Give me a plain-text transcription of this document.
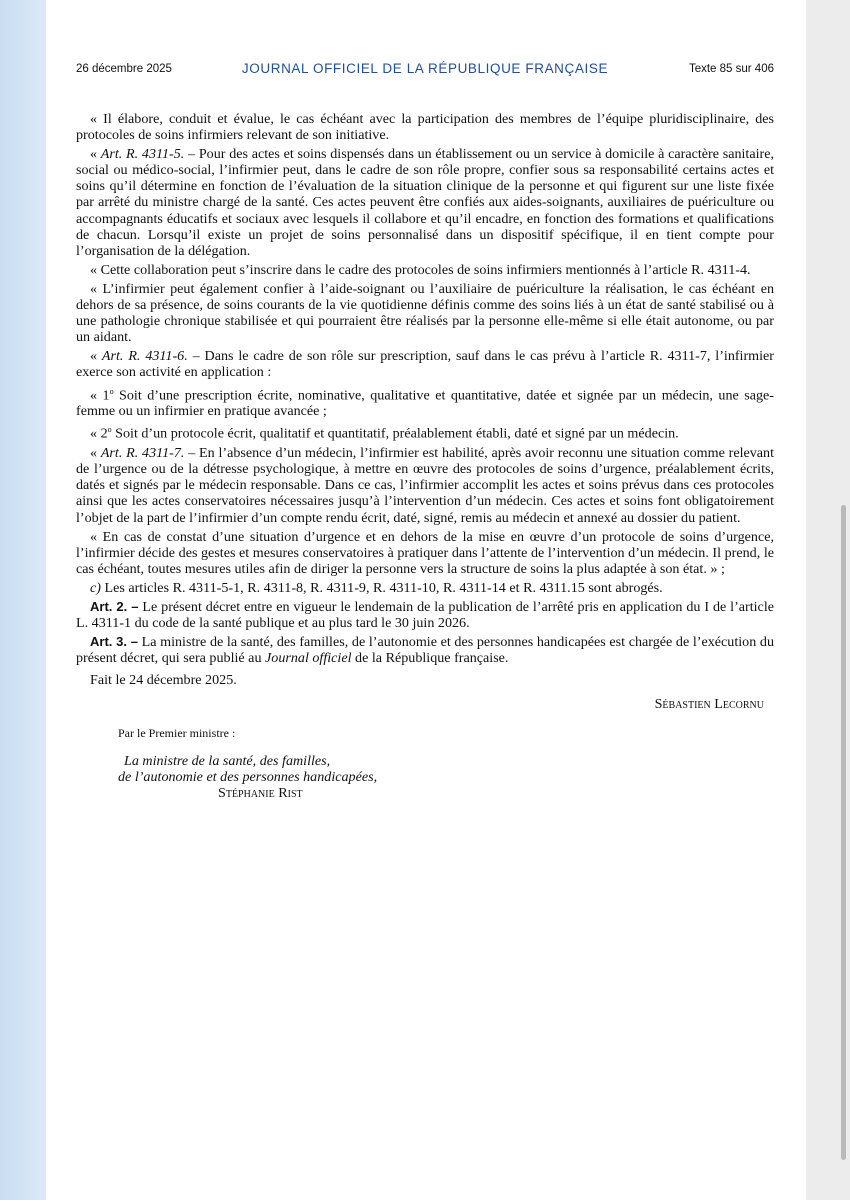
26 décembre 2025	JOURNAL OFFICIEL DE LA RÉPUBLIQUE FRANÇAISE	Texte 85 sur 406

« Il élabore, conduit et évalue, le cas échéant avec la participation des membres de l’équipe pluridisciplinaire, des protocoles de soins infirmiers relevant de son initiative.

« Art. R. 4311-5. – Pour des actes et soins dispensés dans un établissement ou un service à domicile à caractère sanitaire, social ou médico-social, l’infirmier peut, dans le cadre de son rôle propre, confier sous sa responsabilité certains actes et soins qu’il détermine en fonction de l’évaluation de la situation clinique de la personne et qui figurent sur une liste fixée par arrêté du ministre chargé de la santé. Ces actes peuvent être confiés aux aides-soignants, auxiliaires de puériculture ou accompagnants éducatifs et sociaux avec lesquels il collabore et qu’il encadre, en fonction des formations et qualifications de chacun. Lorsqu’il existe un projet de soins personnalisé dans un dispositif spécifique, il en tient compte pour l’organisation de la délégation.

« Cette collaboration peut s’inscrire dans le cadre des protocoles de soins infirmiers mentionnés à l’article R. 4311-4.

« L’infirmier peut également confier à l’aide-soignant ou l’auxiliaire de puériculture la réalisation, le cas échéant en dehors de sa présence, de soins courants de la vie quotidienne définis comme des soins liés à un état de santé stabilisé ou à une pathologie chronique stabilisée et qui pourraient être réalisés par la personne elle-même si elle était autonome, ou par un aidant.

« Art. R. 4311-6. – Dans le cadre de son rôle sur prescription, sauf dans le cas prévu à l’article R. 4311-7, l’infirmier exerce son activité en application :

« 1$^o$ Soit d’une prescription écrite, nominative, qualitative et quantitative, datée et signée par un médecin, une sage-femme ou un infirmier en pratique avancée ;

« 2$^o$ Soit d’un protocole écrit, qualitatif et quantitatif, préalablement établi, daté et signé par un médecin.

« Art. R. 4311-7. – En l’absence d’un médecin, l’infirmier est habilité, après avoir reconnu une situation comme relevant de l’urgence ou de la détresse psychologique, à mettre en œuvre des protocoles de soins d’urgence, préalablement écrits, datés et signés par le médecin responsable. Dans ce cas, l’infirmier accomplit les actes et soins prévus dans ces protocoles ainsi que les actes conservatoires nécessaires jusqu’à l’intervention d’un médecin. Ces actes et soins font obligatoirement l’objet de la part de l’infirmier d’un compte rendu écrit, daté, signé, remis au médecin et annexé au dossier du patient.

« En cas de constat d’une situation d’urgence et en dehors de la mise en œuvre d’un protocole de soins d’urgence, l’infirmier décide des gestes et mesures conservatoires à pratiquer dans l’attente de l’intervention d’un médecin. Il prend, le cas échéant, toutes mesures utiles afin de diriger la personne vers la structure de soins la plus adaptée à son état. » ;

c) Les articles R. 4311-5-1, R. 4311-8, R. 4311-9, R. 4311-10, R. 4311-14 et R. 4311.15 sont abrogés.

Art. 2. – Le présent décret entre en vigueur le lendemain de la publication de l’arrêté pris en application du I de l’article L. 4311-1 du code de la santé publique et au plus tard le 30 juin 2026.

Art. 3. – La ministre de la santé, des familles, de l’autonomie et des personnes handicapées est chargée de l’exécution du présent décret, qui sera publié au Journal officiel de la République française.

Fait le 24 décembre 2025.

Sébastien Lecornu
Par le Premier ministre :
La ministre de la santé, des familles,
de l’autonomie et des personnes handicapées,
Stéphanie Rist
